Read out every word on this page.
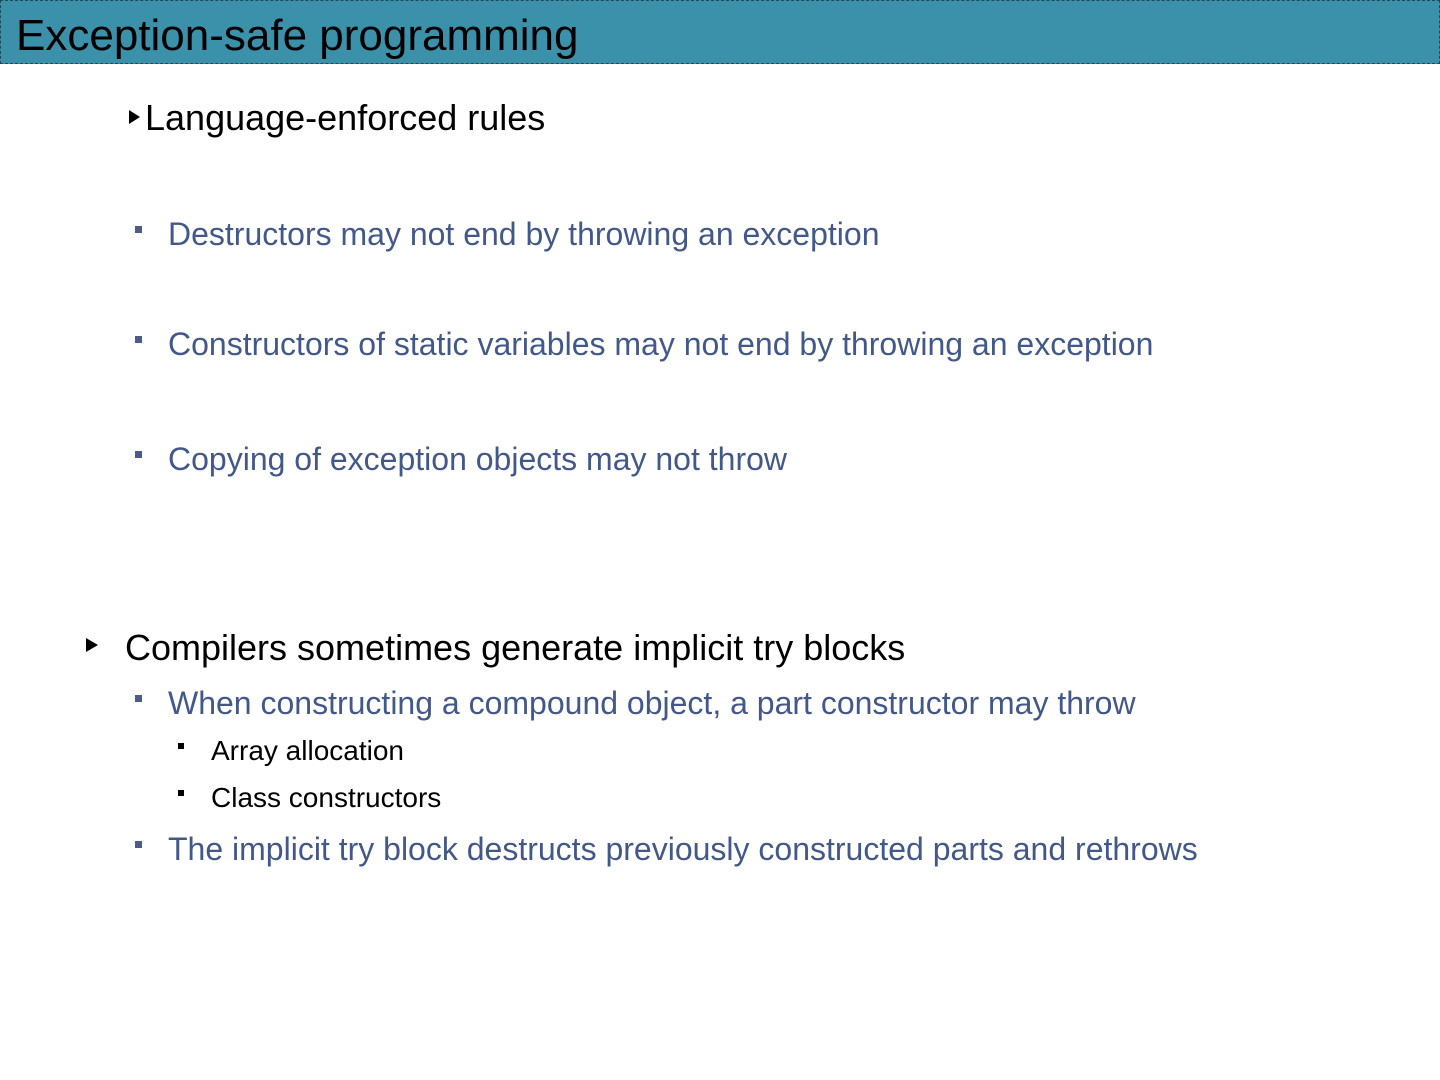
Exception-safe programming
Language-enforced rules
Destructors may not end by throwing an exception
Constructors of static variables may not end by throwing an exception
Copying of exception objects may not throw
Compilers sometimes generate implicit try blocks
When constructing a compound object, a part constructor may throw
Array allocation
Class constructors
The implicit try block destructs previously constructed parts and rethrows
